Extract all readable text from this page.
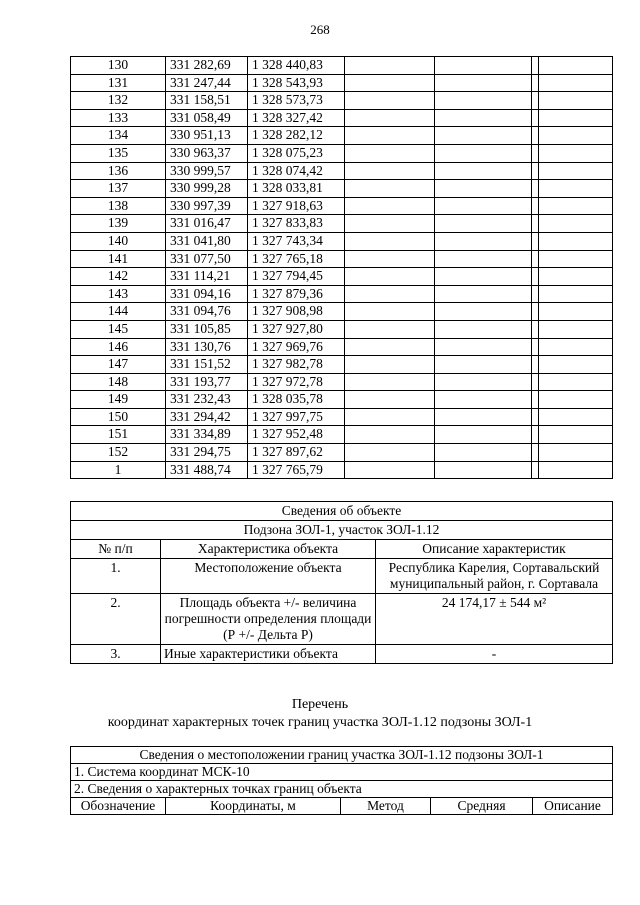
268
130	331 282,69	1 328 440,83				
131	331 247,44	1 328 543,93				
132	331 158,51	1 328 573,73				
133	331 058,49	1 328 327,42				
134	330 951,13	1 328 282,12				
135	330 963,37	1 328 075,23				
136	330 999,57	1 328 074,42				
137	330 999,28	1 328 033,81				
138	330 997,39	1 327 918,63				
139	331 016,47	1 327 833,83				
140	331 041,80	1 327 743,34				
141	331 077,50	1 327 765,18				
142	331 114,21	1 327 794,45				
143	331 094,16	1 327 879,36				
144	331 094,76	1 327 908,98				
145	331 105,85	1 327 927,80				
146	331 130,76	1 327 969,76				
147	331 151,52	1 327 982,78				
148	331 193,77	1 327 972,78				
149	331 232,43	1 328 035,78				
150	331 294,42	1 327 997,75				
151	331 334,89	1 327 952,48				
152	331 294,75	1 327 897,62				
1	331 488,74	1 327 765,79				
Сведения об объекте		
Подзона ЗОЛ-1, участок ЗОЛ-1.12		
№ п/п	Характеристика объекта	Описание характеристик
1.	Местоположение объекта	Республика Карелия, Сортавальский муниципальный район, г. Сортавала
2.	Площадь объекта +/- величина погрешности определения площади (Р +/- Дельта Р)	24 174,17 ± 544 м²
3.	Иные характеристики объекта	-
Перечень
координат характерных точек границ участка ЗОЛ-1.12 подзоны ЗОЛ-1
Сведения о местоположении границ участка ЗОЛ-1.12 подзоны ЗОЛ-1
1. Система координат МСК-10
2. Сведения о характерных точках границ объекта
Обозначение	Координаты, м	Метод	Средняя	Описание
